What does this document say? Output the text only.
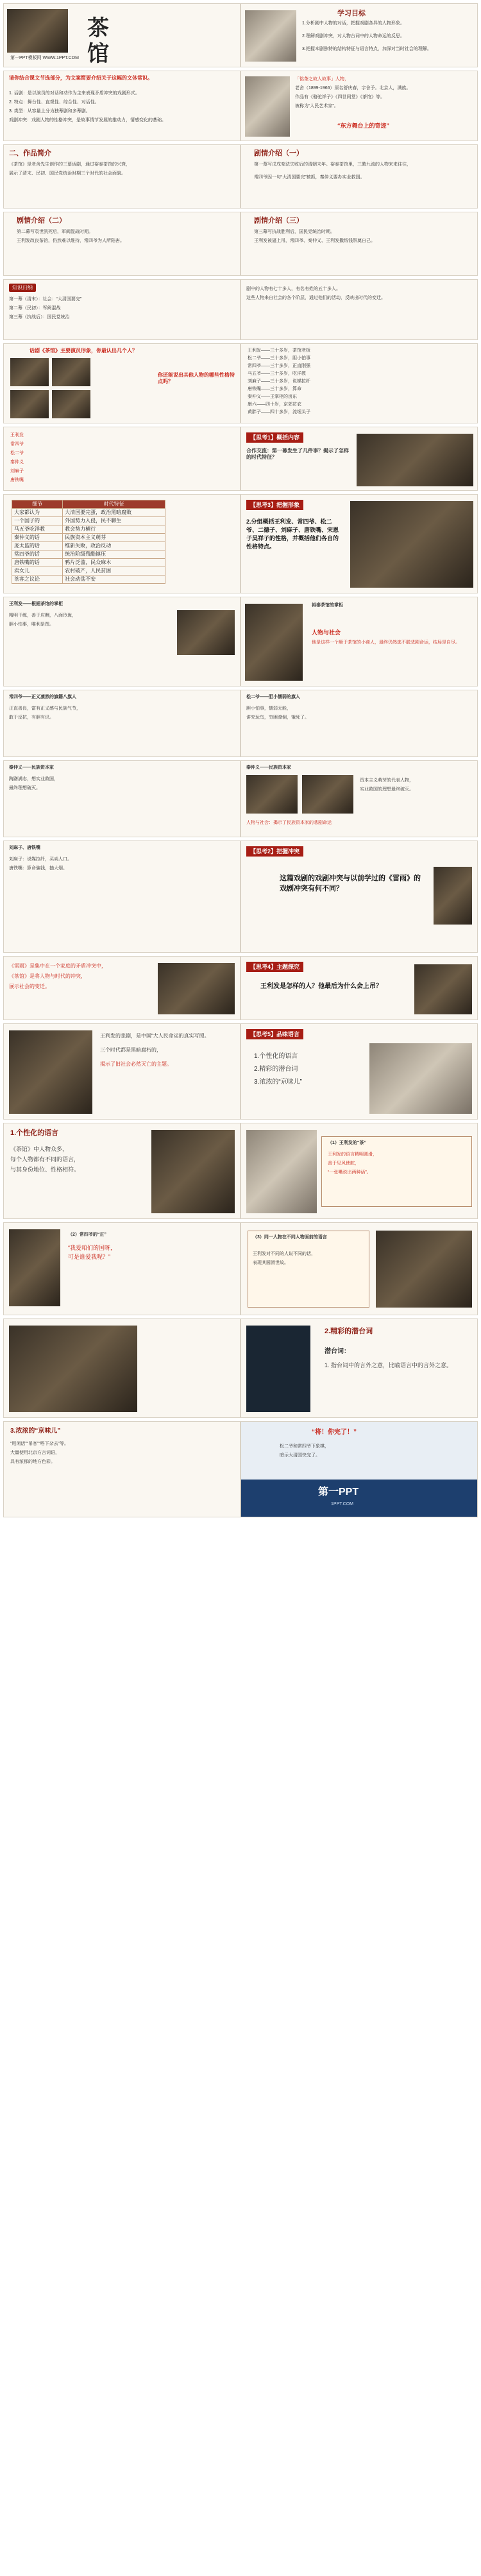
茶馆
第一PPT模板网 WWW.1PPT.COM
学习目标
1.分析剧中人物的对话，把握戏剧各异的人物形象。
2.理解戏剧冲突，对人物台词中的人物命运的反思。
3.把握本剧独特的结构特征与语言特点，加深对当时社会的理解。
请你结合课文节选部分，为文案简要介绍关于这幅的文体常识。
1. 话剧：是以演员的对话和动作为主来表现矛盾冲突的戏剧形式。
2. 特点：舞台性、直观性、综合性、对话性。
3. 类型：从容量上分为独幕剧和多幕剧。
戏剧冲突：戏剧人物的性格冲突，是故事情节发展的推动力，情感变化的基础。
「铭茶之故人故事」人物，
老舍（1899-1966）原名舒庆春，字舍予。北京人，满族。
作品有《骆驼祥子》《四世同堂》《茶馆》等。
被称为“人民艺术家”。
“东方舞台上的奇迹”
二、作品简介
《茶馆》是老舍先生创作的三幕话剧，通过裕泰茶馆的兴衰，
展示了清末、民初、国民党统治时期三个时代的社会面貌。
剧情介绍（一）
第一幕写戊戌变法失败后的清朝末年。裕泰茶馆里，三教九流的人物来来往往，
常四爷因一句“大清国要完”被抓，秦仲义要办实业救国。
剧情介绍（二）
第二幕写袁世凯死后，军阀混战时期。
王利发改良茶馆，仍然难以维持，常四爷为人所陷害。
剧情介绍（三）
第三幕写抗战胜利后，国民党统治时期。
王利发被逼上吊，常四爷、秦仲义、王利发撒纸钱祭奠自己。
知识归纳
第一幕（清末）：社会：“大清国要完”
第二幕（民初）：军阀混战
第三幕（抗战后）：国民党统治
剧中的人物有七十多人，有名有姓的五十多人。
这些人物来自社会的各个阶层，通过他们的活动，反映出时代的变迁。
话剧《茶馆》主要演员形象，你最认出几个人？
你还能说出其他人物的哪些性格特点吗？
王利发——三十多岁，茶馆老板
松二爷——三十多岁，胆小怕事
常四爷——三十多岁，正直刚强
马五爷——三十多岁，吃洋教
刘麻子——三十多岁，说媒拉纤
唐铁嘴——三十多岁，算命
秦仲义——王掌柜的房东
康六——四十岁，京郊贫农
黄胖子——四十多岁，流氓头子
王利发
常四爷
松二爷
秦仲义
刘麻子
唐铁嘴
【思考1】概括内容
合作交流：第一幕发生了几件事？揭示了怎样的时代特征？
细节	时代特征
大家都认为	大清国要完蛋，政治黑暗腐败
一个国子的	外国势力入侵，民不聊生
马五爷吃洋教	教会势力横行
秦仲义的话	民族资本主义萌芽
庞太监的话	维新失败，政治反动
常四爷的话	统治阶级残酷镇压
唐铁嘴的话	鸦片泛滥，民众麻木
卖女儿	农村破产，人民贫困
茶客之议论	社会动荡不安
【思考3】把握形象
2.分组概括王利发、常四爷、松二爷、二德子、刘麻子、唐铁嘴、宋恩子吴祥子的性格，并概括他们各自的性格特点。
王利发——根据茶馆的掌柜
精明干练，善于应酬，八面玲珑，
胆小怕事，唯利是图。
裕泰茶馆的掌柜
人物与社会
他是这样一个顺于茶馆的小商人，最终仍然逃不脱悲剧命运，结局是自尽。
常四爷——正义凛然的旗籍八旗人
正直善良，富有正义感与民族气节，
敢于反抗，有胆有识。
松二爷——胆小懦弱的旗人
胆小怕事，懦弱无能，
讲究玩鸟，穷困潦倒，饿死了。
秦仲义——民族资本家
踌躇满志，想实业救国，
最终理想破灭。
秦仲义——民族资本家
资本主义萌芽的代表人物，
实业救国的理想最终破灭。
人物与社会：揭示了民族资本家的悲剧命运
刘麻子、唐铁嘴
刘麻子：说媒拉纤，买卖人口。
唐铁嘴：算命骗钱，抽大烟。
【思考2】把握冲突
这篇戏剧的戏剧冲突与以前学过的《雷雨》的戏剧冲突有何不同？
《雷雨》是集中在一个家庭的矛盾冲突中，
《茶馆》是将人物与时代的冲突，
展示社会的变迁。
【思考4】主题探究
王利发是怎样的人？他最后为什么会上吊？
王利发的悲剧，是中国“大人民命运的真实写照。
三个时代都是黑暗腐朽的，
揭示了旧社会必然灭亡的主题。
【思考5】品味语言
1.个性化的语言
2.精彩的潜台词
3.浓浓的“京味儿”
1.个性化的语言
《茶馆》中人物众多，
每个人物都有不同的语言，
与其身份地位、性格相符。
（1）王利发的“茶”
王利发的语言精明圆滑，
善于见风使舵，
“一张嘴说出两种话”。
（2）常四爷的“正”
“我爱咱们的国呀，
可是谁爱我呢？”
（3）同一人物在不同人物面前的语言
王利发对不同的人说不同的话，
表现其圆滑世故。
2.精彩的潜台词
潜台词：
1. 指台词中的言外之意，比喻语言中的言外之意。
3.浓浓的“京味儿”
“甩闲话”“吊客”“嗒下杂去”等。
大量使用北京方言词语，
具有浓郁的地方色彩。
“将！你完了！”
松二爷和常四爷下象棋，
暗示大清国快完了。
第一PPT
1PPT.COM
